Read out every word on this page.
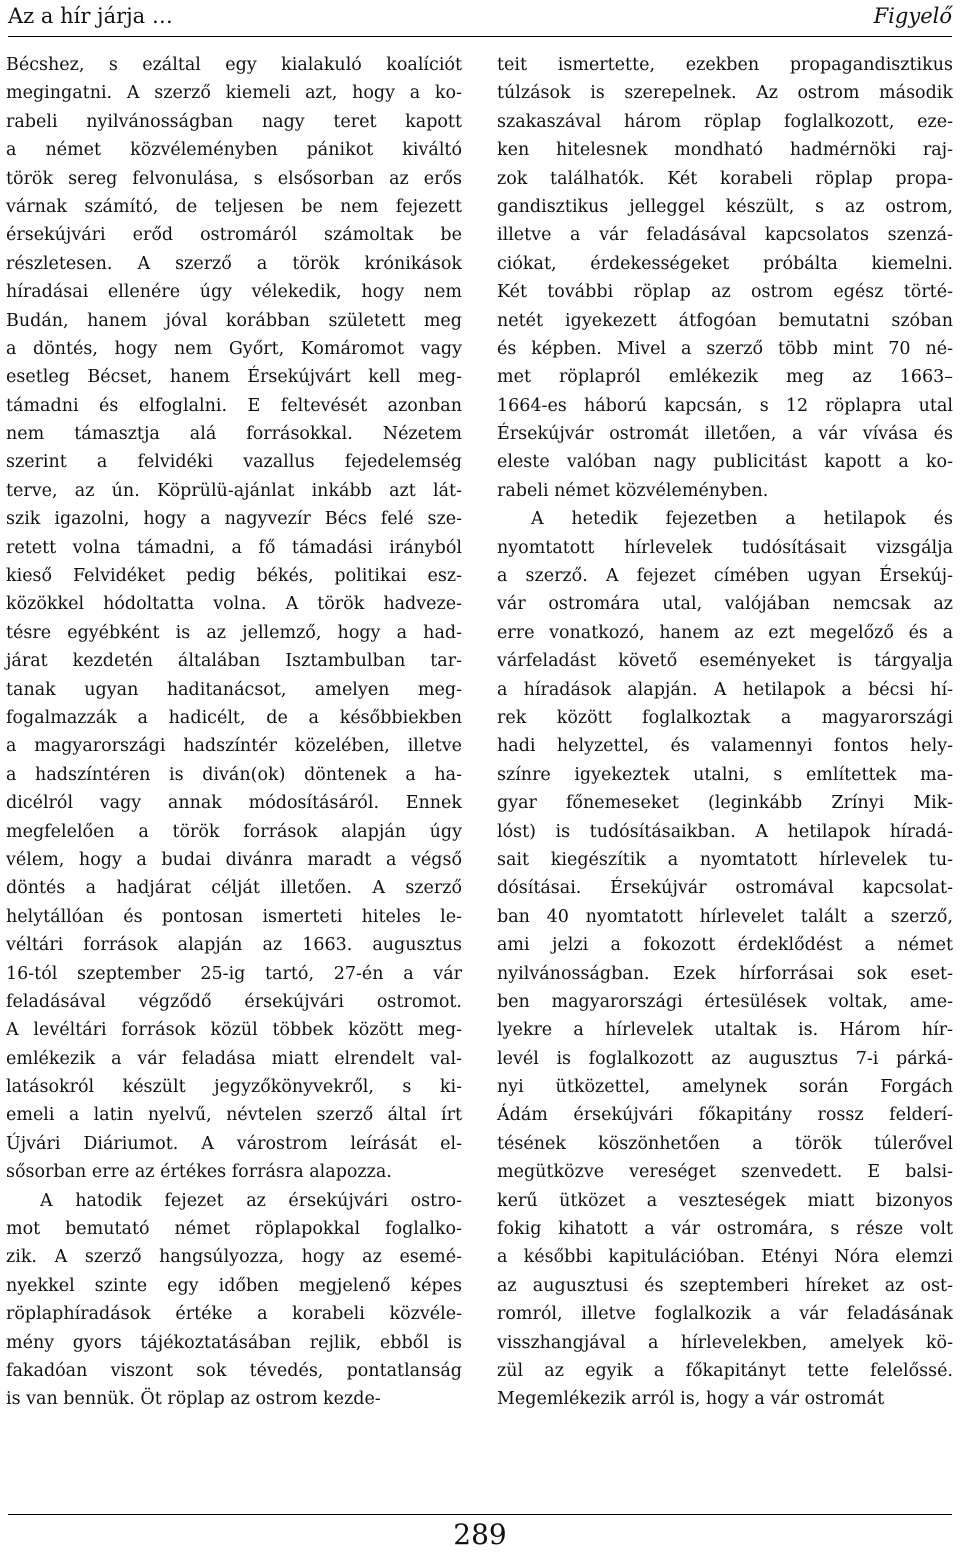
Az a hír járja …	Figyelő
Bécshez, s ezáltal egy kialakuló koalíciót
megingatni. A szerző kiemeli azt, hogy a ko-
rabeli nyilvánosságban nagy teret kapott
a német közvéleményben pánikot kiváltó
török sereg felvonulása, s elsősorban az erős
várnak számító, de teljesen be nem fejezett
érsekújvári erőd ostromáról számoltak be
részletesen. A szerző a török krónikások
híradásai ellenére úgy vélekedik, hogy nem
Budán, hanem jóval korábban született meg
a döntés, hogy nem Győrt, Komáromot vagy
esetleg Bécset, hanem Érsekújvárt kell meg-
támadni és elfoglalni. E feltevését azonban
nem támasztja alá forrásokkal. Nézetem
szerint a felvidéki vazallus fejedelemség
terve, az ún. Köprülü-ajánlat inkább azt lát-
szik igazolni, hogy a nagyvezír Bécs felé sze-
retett volna támadni, a fő támadási irányból
kieső Felvidéket pedig békés, politikai esz-
közökkel hódoltatta volna. A török hadveze-
tésre egyébként is az jellemző, hogy a had-
járat kezdetén általában Isztambulban tar-
tanak ugyan haditanácsot, amelyen meg-
fogalmazzák a hadicélt, de a későbbiekben
a magyarországi hadszíntér közelében, illetve
a hadszíntéren is diván(ok) döntenek a ha-
dicélról vagy annak módosításáról. Ennek
megfelelően a török források alapján úgy
vélem, hogy a budai divánra maradt a végső
döntés a hadjárat célját illetően. A szerző
helytállóan és pontosan ismerteti hiteles le-
véltári források alapján az 1663. augusztus
16-tól szeptember 25-ig tartó, 27-én a vár
feladásával végződő érsekújvári ostromot.
A levéltári források közül többek között meg-
emlékezik a vár feladása miatt elrendelt val-
latásokról készült jegyzőkönyvekről, s ki-
emeli a latin nyelvű, névtelen szerző által írt
Újvári Diáriumot. A várostrom leírását el-
sősorban erre az értékes forrásra alapozza.
A hatodik fejezet az érsekújvári ostro-
mot bemutató német röplapokkal foglalko-
zik. A szerző hangsúlyozza, hogy az esemé-
nyekkel szinte egy időben megjelenő képes
röplaphíradások értéke a korabeli közvéle-
mény gyors tájékoztatásában rejlik, ebből is
fakadóan viszont sok tévedés, pontatlanság
is van bennük. Öt röplap az ostrom kezde-
teit ismertette, ezekben propagandisztikus
túlzások is szerepelnek. Az ostrom második
szakaszával három röplap foglalkozott, eze-
ken hitelesnek mondható hadmérnöki raj-
zok találhatók. Két korabeli röplap propa-
gandisztikus jelleggel készült, s az ostrom,
illetve a vár feladásával kapcsolatos szenzá-
ciókat, érdekességeket próbálta kiemelni.
Két további röplap az ostrom egész törté-
netét igyekezett átfogóan bemutatni szóban
és képben. Mivel a szerző több mint 70 né-
met röplapról emlékezik meg az 1663–
1664-es háború kapcsán, s 12 röplapra utal
Érsekújvár ostromát illetően, a vár vívása és
eleste valóban nagy publicitást kapott a ko-
rabeli német közvéleményben.
A hetedik fejezetben a hetilapok és
nyomtatott hírlevelek tudósításait vizsgálja
a szerző. A fejezet címében ugyan Érsekúj-
vár ostromára utal, valójában nemcsak az
erre vonatkozó, hanem az ezt megelőző és a
várfeladást követő eseményeket is tárgyalja
a híradások alapján. A hetilapok a bécsi hí-
rek között foglalkoztak a magyarországi
hadi helyzettel, és valamennyi fontos hely-
színre igyekeztek utalni, s említettek ma-
gyar főnemeseket (leginkább Zrínyi Mik-
lóst) is tudósításaikban. A hetilapok híradá-
sait kiegészítik a nyomtatott hírlevelek tu-
dósításai. Érsekújvár ostromával kapcsolat-
ban 40 nyomtatott hírlevelet talált a szerző,
ami jelzi a fokozott érdeklődést a német
nyilvánosságban. Ezek hírforrásai sok eset-
ben magyarországi értesülések voltak, ame-
lyekre a hírlevelek utaltak is. Három hír-
levél is foglalkozott az augusztus 7-i párká-
nyi ütközettel, amelynek során Forgách
Ádám érsekújvári főkapitány rossz felderí-
tésének köszönhetően a török túlerővel
megütközve vereséget szenvedett. E balsi-
kerű ütközet a veszteségek miatt bizonyos
fokig kihatott a vár ostromára, s része volt
a későbbi kapitulációban. Etényi Nóra elemzi
az augusztusi és szeptemberi híreket az ost-
romról, illetve foglalkozik a vár feladásának
visszhangjával a hírlevelekben, amelyek kö-
zül az egyik a főkapitányt tette felelőssé.
Megemlékezik arról is, hogy a vár ostromát
289
